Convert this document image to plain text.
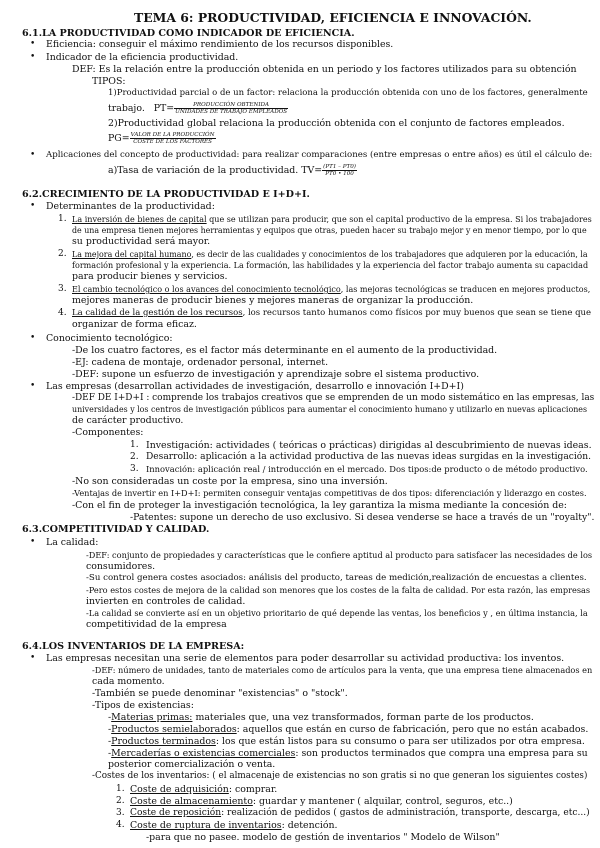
TEMA 6: PRODUCTIVIDAD, EFICIENCIA E INNOVACIÓN.
6.1.LA PRODUCTIVIDAD COMO INDICADOR DE EFICIENCIA.
• Eficiencia: conseguir el máximo rendimiento de los recursos disponibles.
• Indicador de la eficiencia productividad.
DEF: Es la relación entre la producción obtenida en un periodo y los factores utilizados para su obtención
TIPOS:
1)Productividad parcial o de un factor: relaciona la producción obtenida con uno de los factores, generalmente
trabajo. $PT= \frac{\text{PRODUCCIÓN OBTENIDA}}{\text{UNIDADES DE TRABAJO EMPLEADOS}}$
2)Productividad global relaciona la producción obtenida con el conjunto de factores empleados.
$PG= \frac{\text{VALOR DE LA PRODUCCIÓN}}{\text{COSTE DE LOS FACTORES}}$
• Aplicaciones del concepto de productividad: para realizar comparaciones (entre empresas o entre años) es útil el cálculo de:
a)Tasa de variación de la productividad. $TV= \frac{(PT1 - PT0)}{PT0 • 100}$
6.2.CRECIMIENTO DE LA PRODUCTIVIDAD E I+D+I.
• Determinantes de la productividad:
1. La inversión de bienes de capital que se utilizan para producir, que son el capital productivo de la empresa. Si los trabajadores
de una empresa tienen mejores herramientas y equipos que otras, pueden hacer su trabajo mejor y en menor tiempo, por lo que
su productividad será mayor.
2. La mejora del capital humano, es decir de las cualidades y conocimientos de los trabajadores que adquieren por la educación, la
formación profesional y la experiencia. La formación, las habilidades y la experiencia del factor trabajo aumenta su capacidad
para producir bienes y servicios.
3. El cambio tecnológico o los avances del conocimiento tecnológico, las mejoras tecnológicas se traducen en mejores productos,
mejores maneras de producir bienes y mejores maneras de organizar la producción.
4. La calidad de la gestión de los recursos, los recursos tanto humanos como físicos por muy buenos que sean se tiene que
organizar de forma eficaz.
• Conocimiento tecnológico:
-De los cuatro factores, es el factor más determinante en el aumento de la productividad.
-EJ: cadena de montaje, ordenador personal, internet.
-DEF: supone un esfuerzo de investigación y aprendizaje sobre el sistema productivo.
• Las empresas (desarrollan actividades de investigación, desarrollo e innovación I+D+I)
-DEF DE I+D+I : comprende los trabajos creativos que se emprenden de un modo sistemático en las empresas, las
universidades y los centros de investigación públicos para aumentar el conocimiento humano y utilizarlo en nuevas aplicaciones
de carácter productivo.
-Componentes:
1. Investigación: actividades ( teóricas o prácticas) dirigidas al descubrimiento de nuevas ideas.
2. Desarrollo: aplicación a la actividad productiva de las nuevas ideas surgidas en la investigación.
3. Innovación: aplicación real / introducción en el mercado. Dos tipos:de producto o de método productivo.
-No son consideradas un coste por la empresa, sino una inversión.
-Ventajas de invertir en I+D+I: permiten conseguir ventajas competitivas de dos tipos: diferenciación y liderazgo en costes.
-Con el fin de proteger la investigación tecnológica, la ley garantiza la misma mediante la concesión de:
-Patentes: supone un derecho de uso exclusivo. Si desea venderse se hace a través de un "royalty".
6.3.COMPETITIVIDAD Y CALIDAD.
• La calidad:
-DEF: conjunto de propiedades y características que le confiere aptitud al producto para satisfacer las necesidades de los
consumidores.
-Su control genera costes asociados: análisis del producto, tareas de medición,realización de encuestas a clientes.
-Pero estos costes de mejora de la calidad son menores que los costes de la falta de calidad. Por esta razón, las empresas
invierten en controles de calidad.
-La calidad se convierte así en un objetivo prioritario de qué depende las ventas, los beneficios y , en última instancia, la
competitividad de la empresa
6.4.LOS INVENTARIOS DE LA EMPRESA:
• Las empresas necesitan una serie de elementos para poder desarrollar su actividad productiva: los inventos.
-DEF: número de unidades, tanto de materiales como de artículos para la venta, que una empresa tiene almacenados en
cada momento.
-También se puede denominar "existencias" o "stock".
-Tipos de existencias:
-Materias primas: materiales que, una vez transformados, forman parte de los productos.
-Productos semielaborados: aquellos que están en curso de fabricación, pero que no están acabados.
-Productos terminados: los que están listos para su consumo o para ser utilizados por otra empresa.
-Mercaderías o existencias comerciales: son productos terminados que compra una empresa para su
posterior comercialización o venta.
-Costes de los inventarios: ( el almacenaje de existencias no son gratis si no que generan los siguientes costes)
1. Coste de adquisición: comprar.
2. Coste de almacenamiento: guardar y mantener ( alquilar, control, seguros, etc..)
3. Coste de reposición: realización de pedidos ( gastos de administración, transporte, descarga, etc...)
4. Coste de ruptura de inventarios: detención.
-para que no pasee. modelo de gestión de inventarios " Modelo de Wilson"
